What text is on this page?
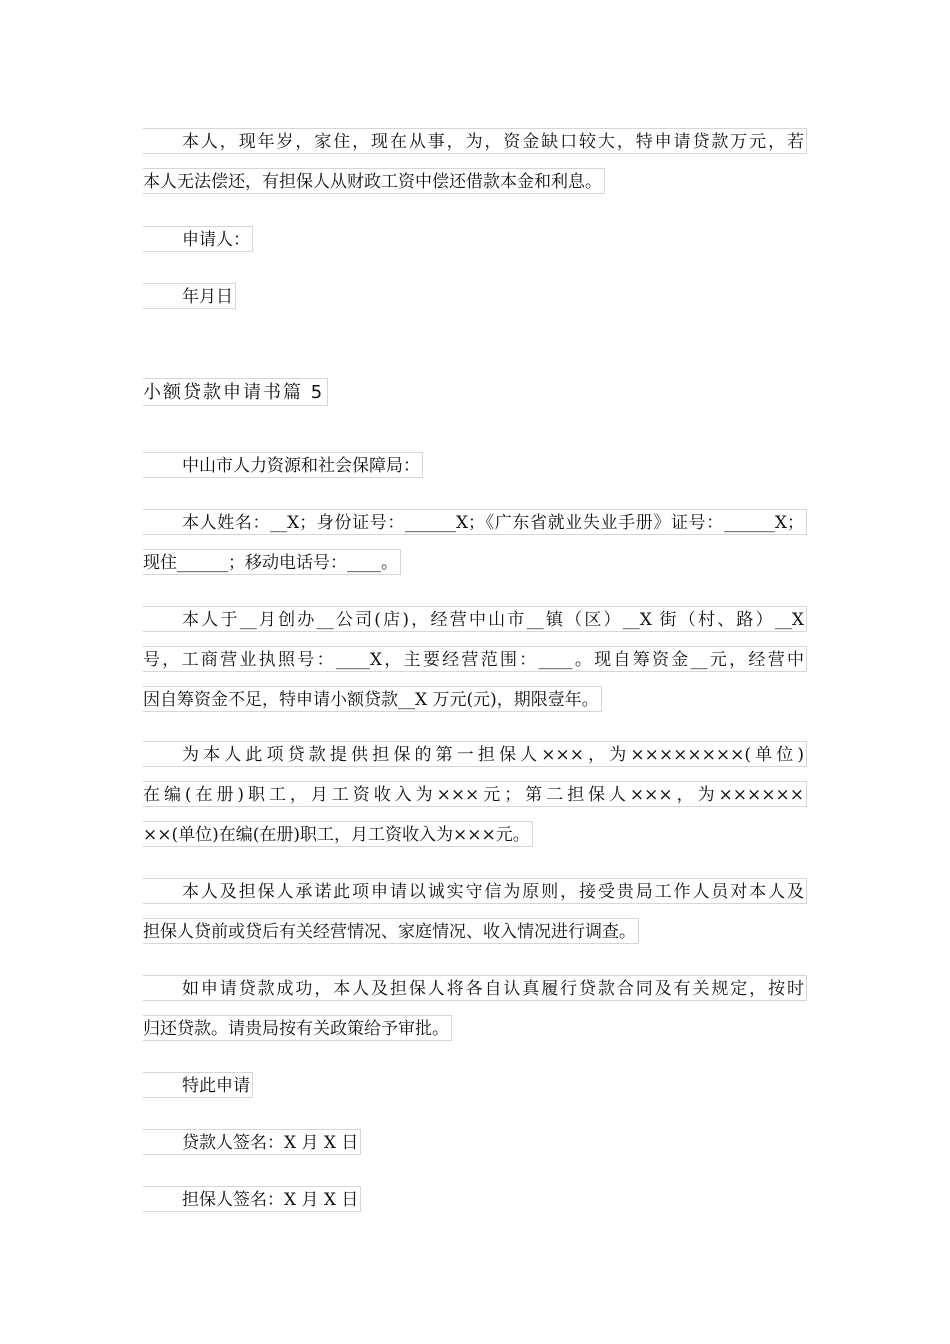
本人，现年岁，家住，现在从事，为，资金缺口较大，特申请贷款万元，若
本人无法偿还，有担保人从财政工资中偿还借款本金和利息。
申请人：
年月日
小额贷款申请书篇 5
中山市人力资源和社会保障局：
本人姓名：__X；身份证号：______X；《广东省就业失业手册》证号：______X；
现住______；移动电话号：____。
本人于__月创办__公司(店)，经营中山市__镇（区）__X 街（村、路）__X
号，工商营业执照号：____X，主要经营范围：____。现自筹资金__元，经营中
因自筹资金不足，特申请小额贷款__X 万元(元)，期限壹年。
为本人此项贷款提供担保的第一担保人×××，为××××××××(单位)
在编(在册)职工，月工资收入为×××元；第二担保人×××，为××××××
××(单位)在编(在册)职工，月工资收入为×××元。
本人及担保人承诺此项申请以诚实守信为原则，接受贵局工作人员对本人及
担保人贷前或贷后有关经营情况、家庭情况、收入情况进行调查。
如申请贷款成功，本人及担保人将各自认真履行贷款合同及有关规定，按时
归还贷款。请贵局按有关政策给予审批。
特此申请
贷款人签名：X 月 X 日
担保人签名：X 月 X 日
